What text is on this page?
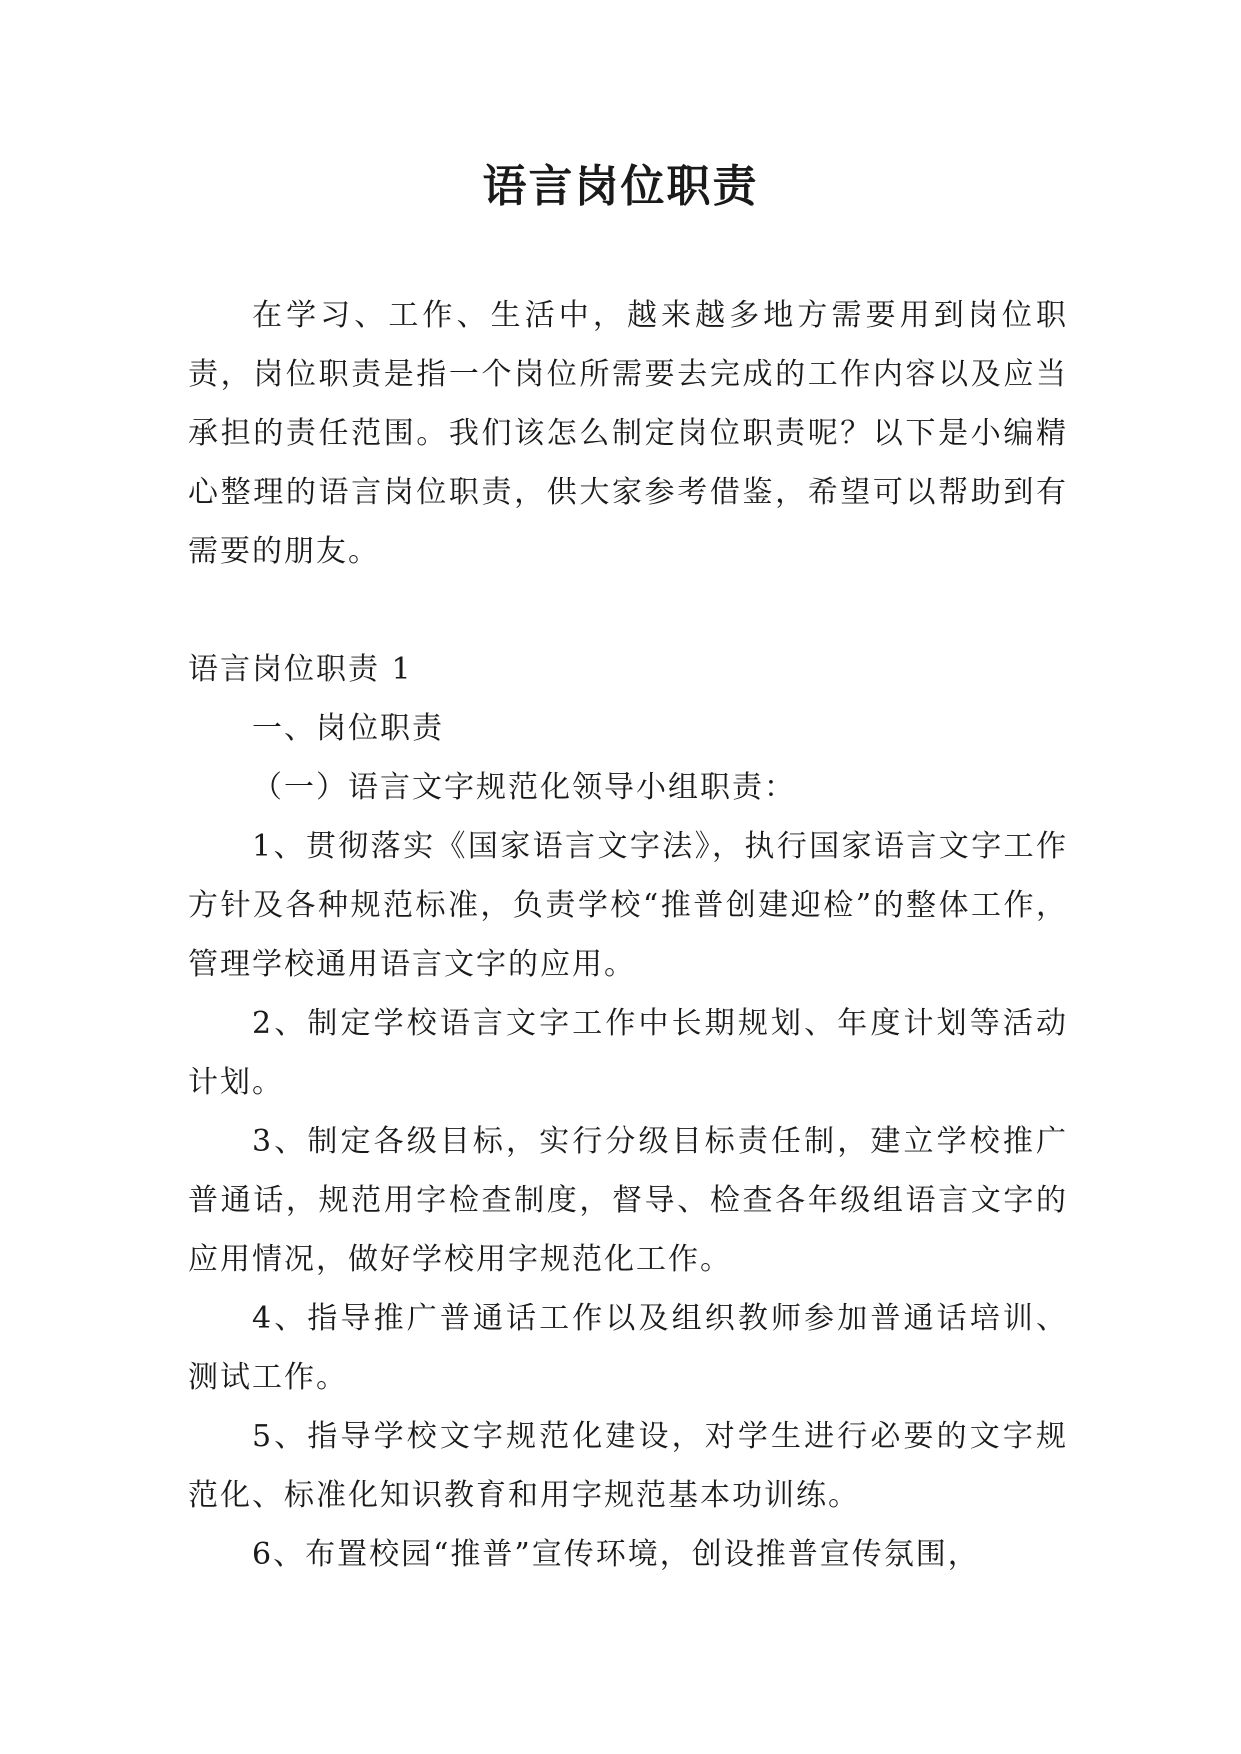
语言岗位职责

在学习、工作、生活中，越来越多地方需要用到岗位职责，岗位职责是指一个岗位所需要去完成的工作内容以及应当承担的责任范围。我们该怎么制定岗位职责呢？以下是小编精心整理的语言岗位职责，供大家参考借鉴，希望可以帮助到有需要的朋友。

语言岗位职责 1

一、岗位职责

（一）语言文字规范化领导小组职责：

1、贯彻落实《国家语言文字法》，执行国家语言文字工作方针及各种规范标准，负责学校“推普创建迎检”的整体工作，管理学校通用语言文字的应用。

2、制定学校语言文字工作中长期规划、年度计划等活动计划。

3、制定各级目标，实行分级目标责任制，建立学校推广普通话，规范用字检查制度，督导、检查各年级组语言文字的应用情况，做好学校用字规范化工作。

4、指导推广普通话工作以及组织教师参加普通话培训、测试工作。

5、指导学校文字规范化建设，对学生进行必要的文字规范化、标准化知识教育和用字规范基本功训练。

6、布置校园“推普”宣传环境，创设推普宣传氛围，
